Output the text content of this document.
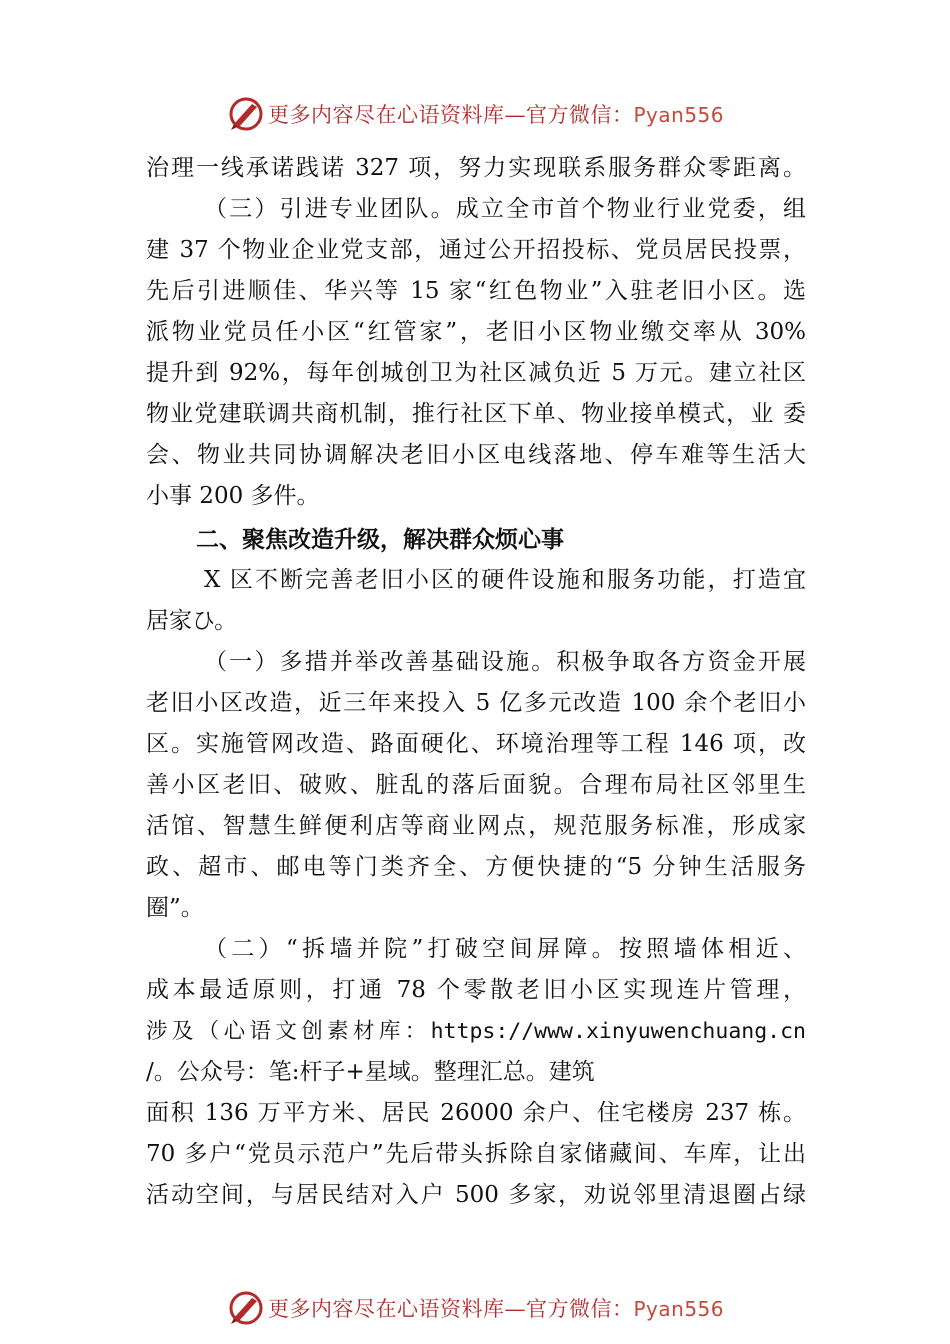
更多内容尽在心语资料库—官方微信：Pyan556
治理一线承诺践诺 327 项，努力实现联系服务群众零距离。
（三）引进专业团队。成立全市首个物业行业党委，组
建 37 个物业企业党支部，通过公开招投标、党员居民投票，
先后引进顺佳、华兴等 15 家“红色物业”入驻老旧小区。选
派物业党员任小区“红管家”，老旧小区物业缴交率从 30%
提升到 92%，每年创城创卫为社区减负近 5 万元。建立社区
物业党建联调共商机制，推行社区下单、物业接单模式，业 委
会、物业共同协调解决老旧小区电线落地、停车难等生活大
小事 200 多件。
二、聚焦改造升级，解决群众烦心事
X 区不断完善老旧小区的硬件设施和服务功能，打造宜
居家ひ。
（一）多措并举改善基础设施。积极争取各方资金开展
老旧小区改造，近三年来投入 5 亿多元改造 100 余个老旧小
区。实施管网改造、路面硬化、环境治理等工程 146 项，改
善小区老旧、破败、脏乱的落后面貌。合理布局社区邻里生
活馆、智慧生鲜便利店等商业网点，规范服务标准，形成家
政、超市、邮电等门类齐全、方便快捷的“5 分钟生活服务
圈”。
（二）“拆墙并院”打破空间屏障。按照墙体相近、
成本最适原则，打通 78 个零散老旧小区实现连片管理，
涉及（心语文创素材库：https://www.xinyuwenchuang.cn
/。公众号：笔:杆子+星域。整理汇总。建筑
面积 136 万平方米、居民 26000 余户、住宅楼房 237 栋。
70 多户“党员示范户”先后带头拆除自家储藏间、车库，让出
活动空间，与居民结对入户 500 多家，劝说邻里清退圈占绿
更多内容尽在心语资料库—官方微信：Pyan556
